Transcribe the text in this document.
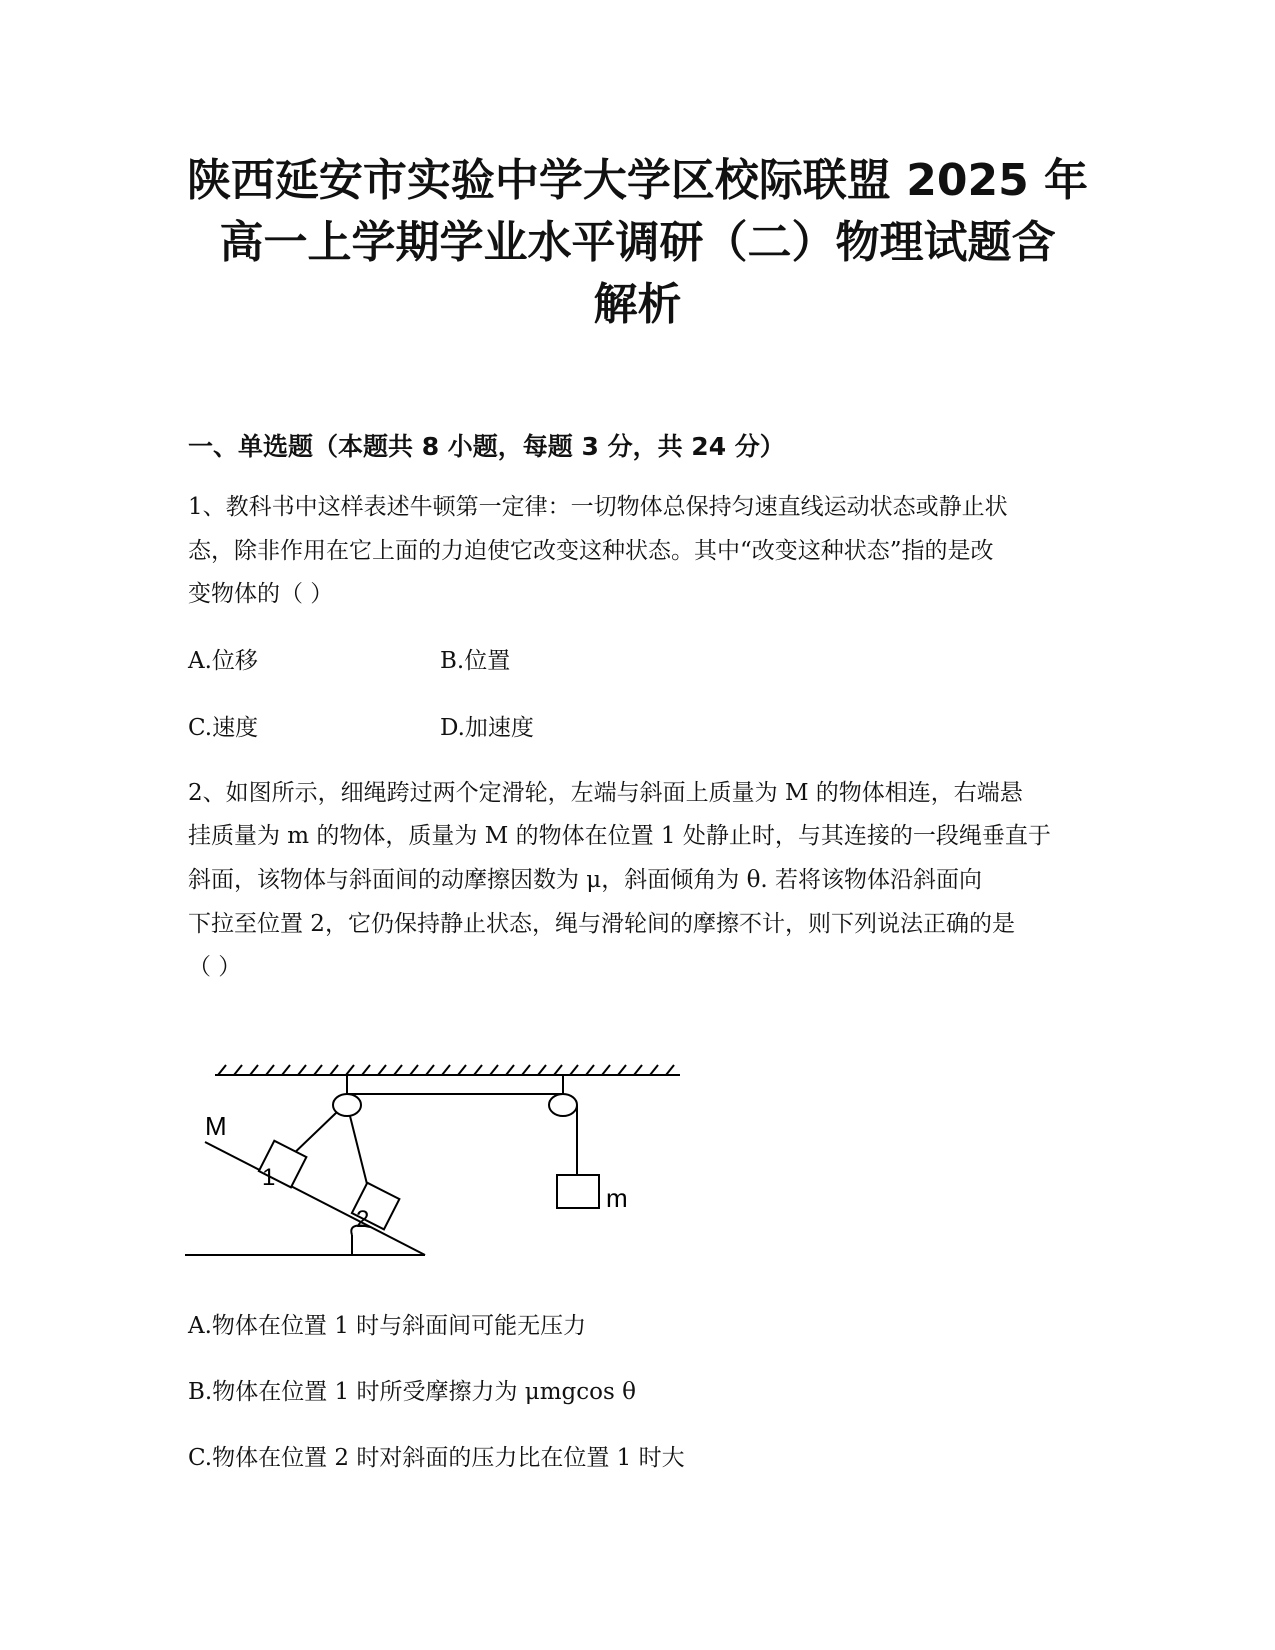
陕西延安市实验中学大学区校际联盟 2025 年
高一上学期学业水平调研（二）物理试题含
解析
一、单选题（本题共 8 小题，每题 3 分，共 24 分）

1、教科书中这样表述牛顿第一定律：一切物体总保持匀速直线运动状态或静止状

态，除非作用在它上面的力迫使它改变这种状态。其中“改变这种状态”指的是改

变物体的（ ）

A.位移	B.位置

C.速度	D.加速度

2、如图所示，细绳跨过两个定滑轮，左端与斜面上质量为 M 的物体相连，右端悬

挂质量为 m 的物体，质量为 M 的物体在位置 1 处静止时，与其连接的一段绳垂直于

斜面，该物体与斜面间的动摩擦因数为 μ，斜面倾角为 θ. 若将该物体沿斜面向

下拉至位置 2，它仍保持静止状态，绳与滑轮间的摩擦不计，则下列说法正确的是

（ ）

M
m
1
2

A.物体在位置 1 时与斜面间可能无压力

B.物体在位置 1 时所受摩擦力为 μmgcos θ

C.物体在位置 2 时对斜面的压力比在位置 1 时大
